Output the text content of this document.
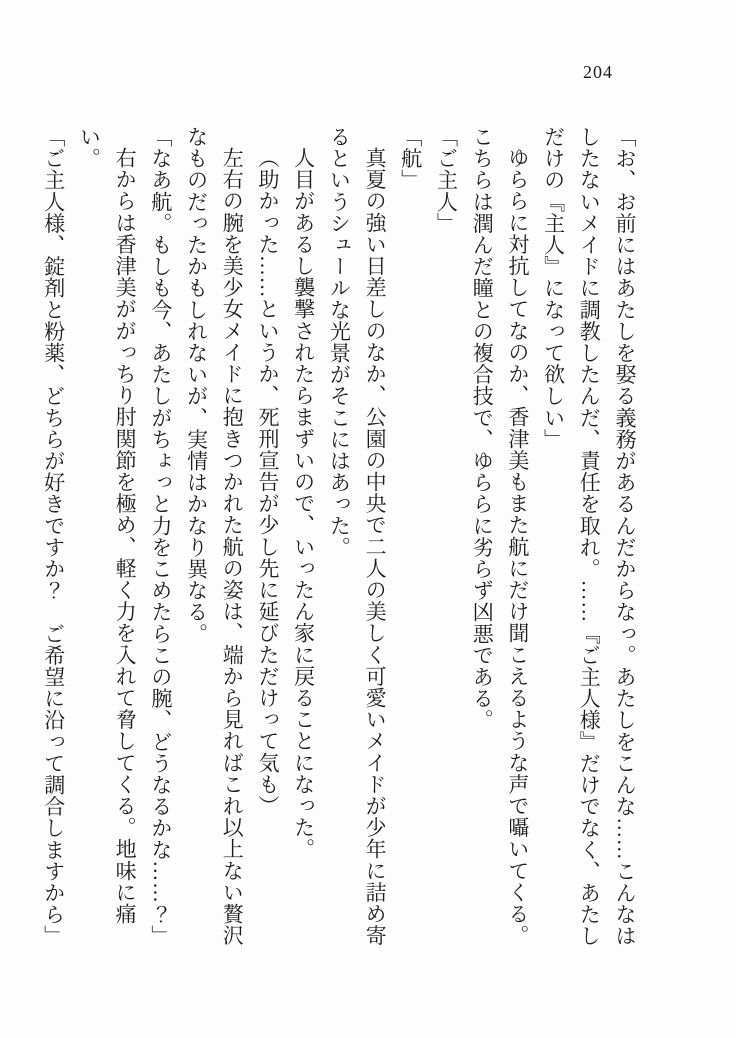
204

「お、お前にはあたしを娶る義務があるんだからなっ。あたしをこんな……こんなは

したないメイドに調教したんだ、責任を取れ。……『ご主人様』だけでなく、あたし

だけの『主人』になって欲しい」

ゆららに対抗してなのか、香津美もまた航にだけ聞こえるような声で囁いてくる。

こちらは潤んだ瞳との複合技で、ゆららに劣らず凶悪である。

「ご主人」

「航」

真夏の強い日差しのなか、公園の中央で二人の美しく可愛いメイドが少年に詰め寄

るというシュールな光景がそこにはあった。

人目があるし襲撃されたらまずいので、いったん家に戻ることになった。

（助かった……というか、死刑宣告が少し先に延びただけって気も）

左右の腕を美少女メイドに抱きつかれた航の姿は、端から見ればこれ以上ない贅沢

なものだったかもしれないが、実情はかなり異なる。

「なあ航。もしも今、あたしがちょっと力をこめたらこの腕、どうなるかな……？」

右からは香津美ががっちり肘関節を極め、軽く力を入れて脅してくる。地味に痛い。

「ご主人様、錠剤と粉薬、どちらが好きですか？　ご希望に沿って調合しますから」
